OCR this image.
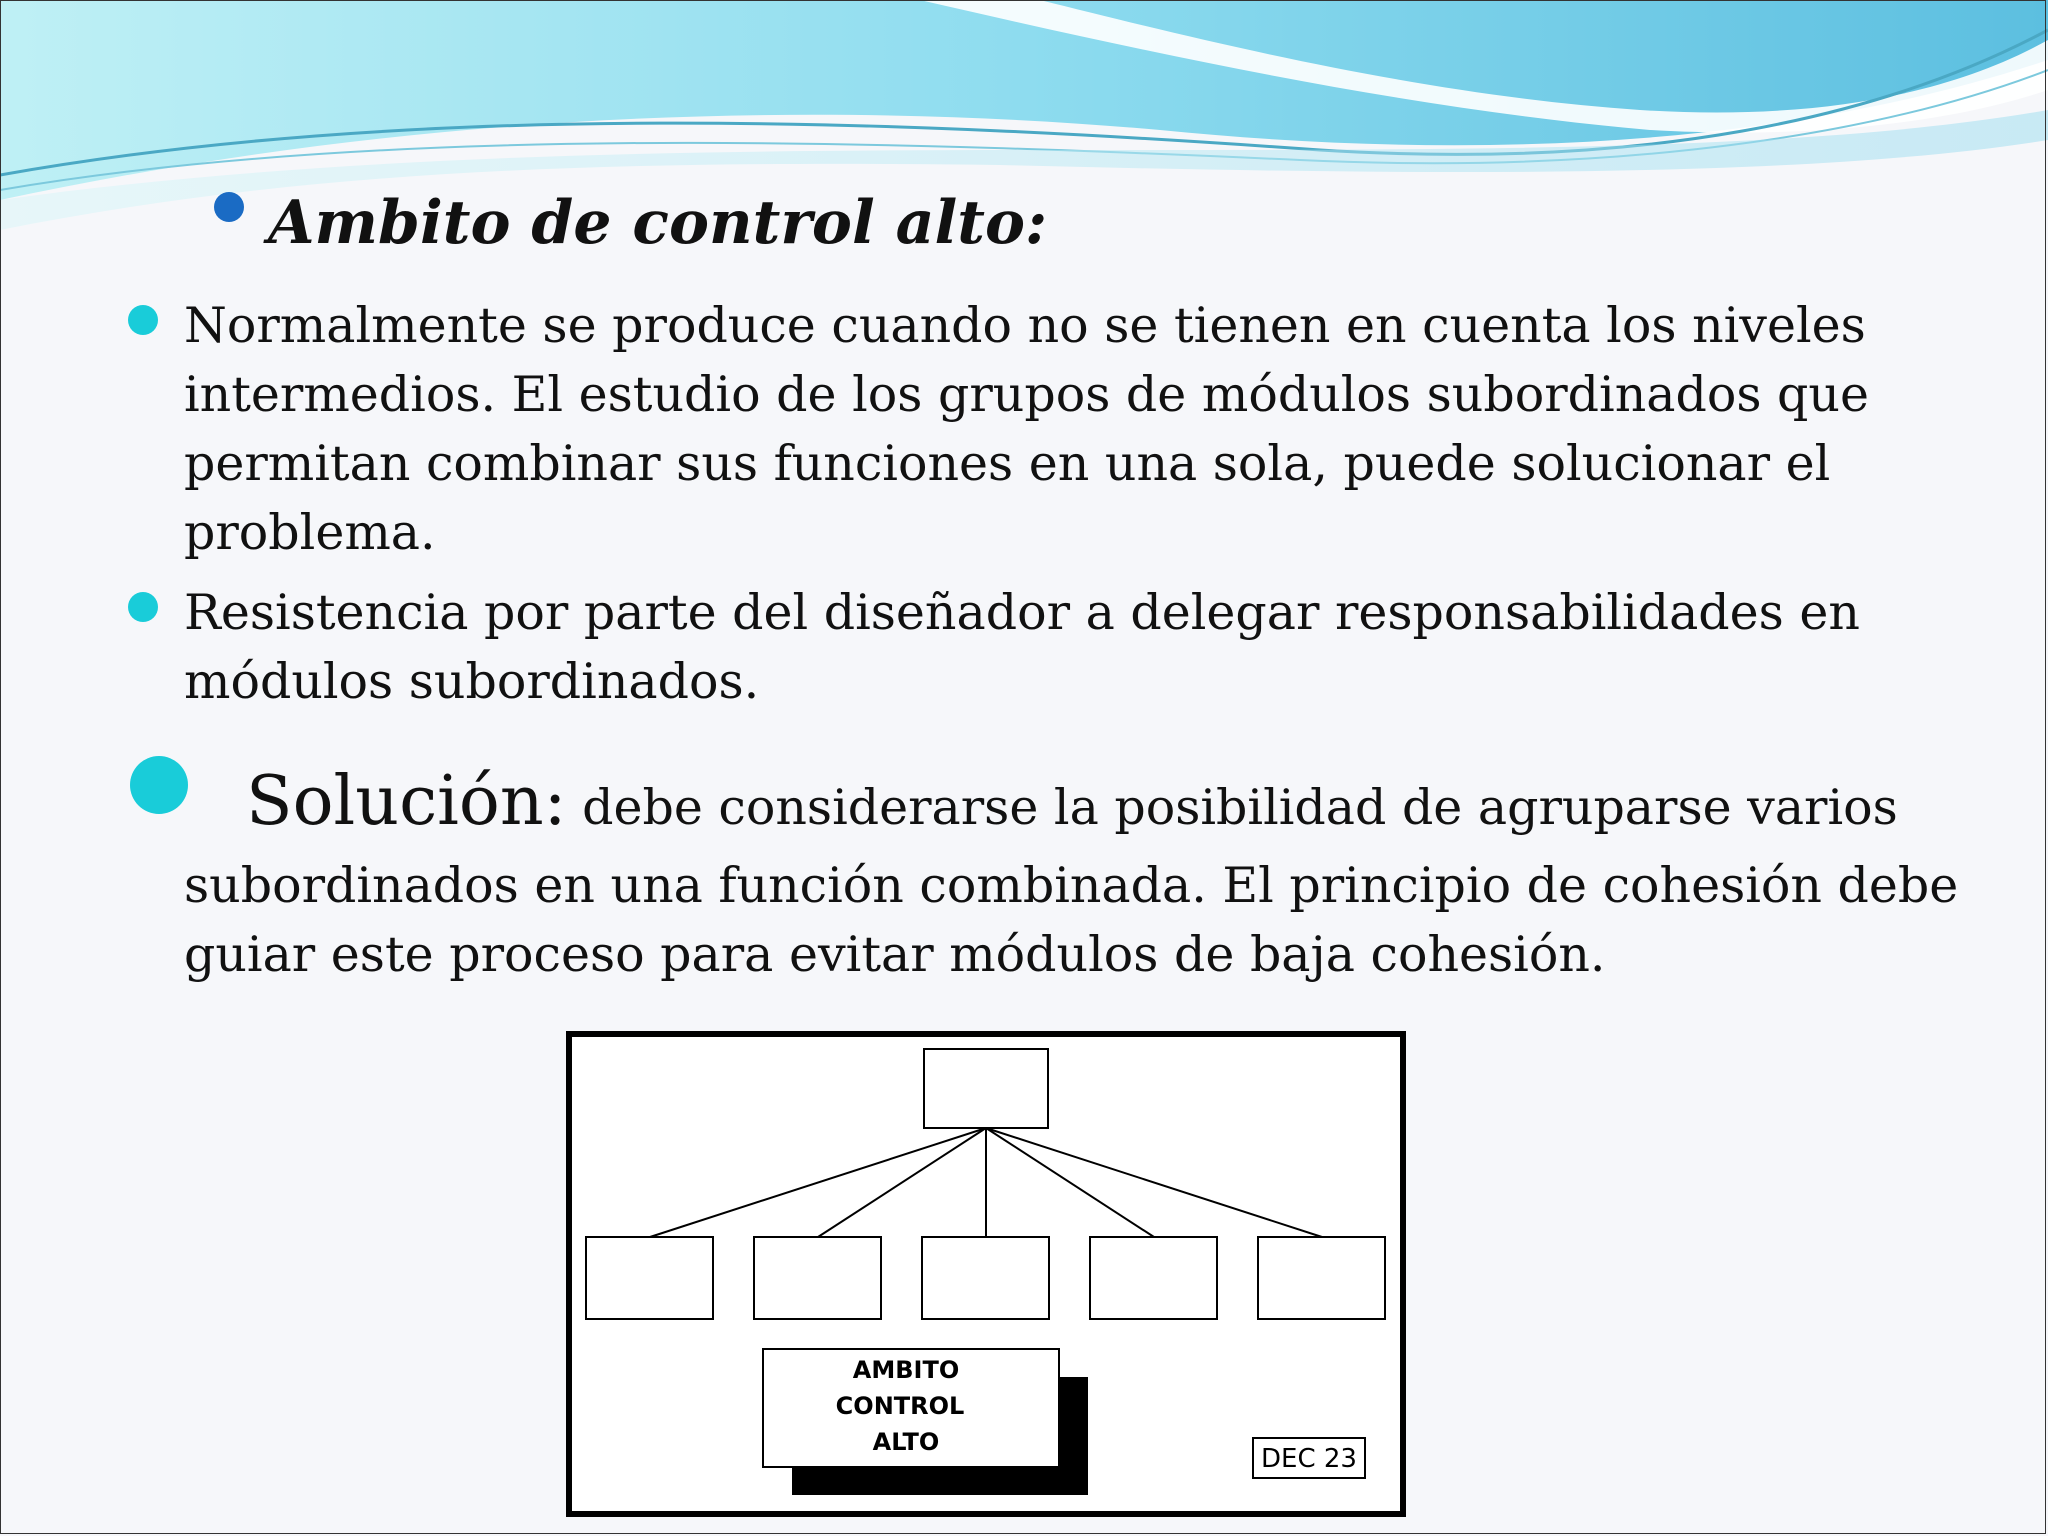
Ambito de control alto:

Normalmente se produce cuando no se tienen en cuenta los niveles
intermedios. El estudio de los grupos de módulos subordinados que
permitan combinar sus funciones en una sola, puede solucionar el
problema.

Resistencia por parte del diseñador a delegar responsabilidades en
módulos subordinados.

Solución: debe considerarse la posibilidad de agruparse varios

subordinados en una función combinada. El principio de cohesión debe
guiar este proceso para evitar módulos de baja cohesión.

AMBITO
CONTROL
ALTO
DEC 23
